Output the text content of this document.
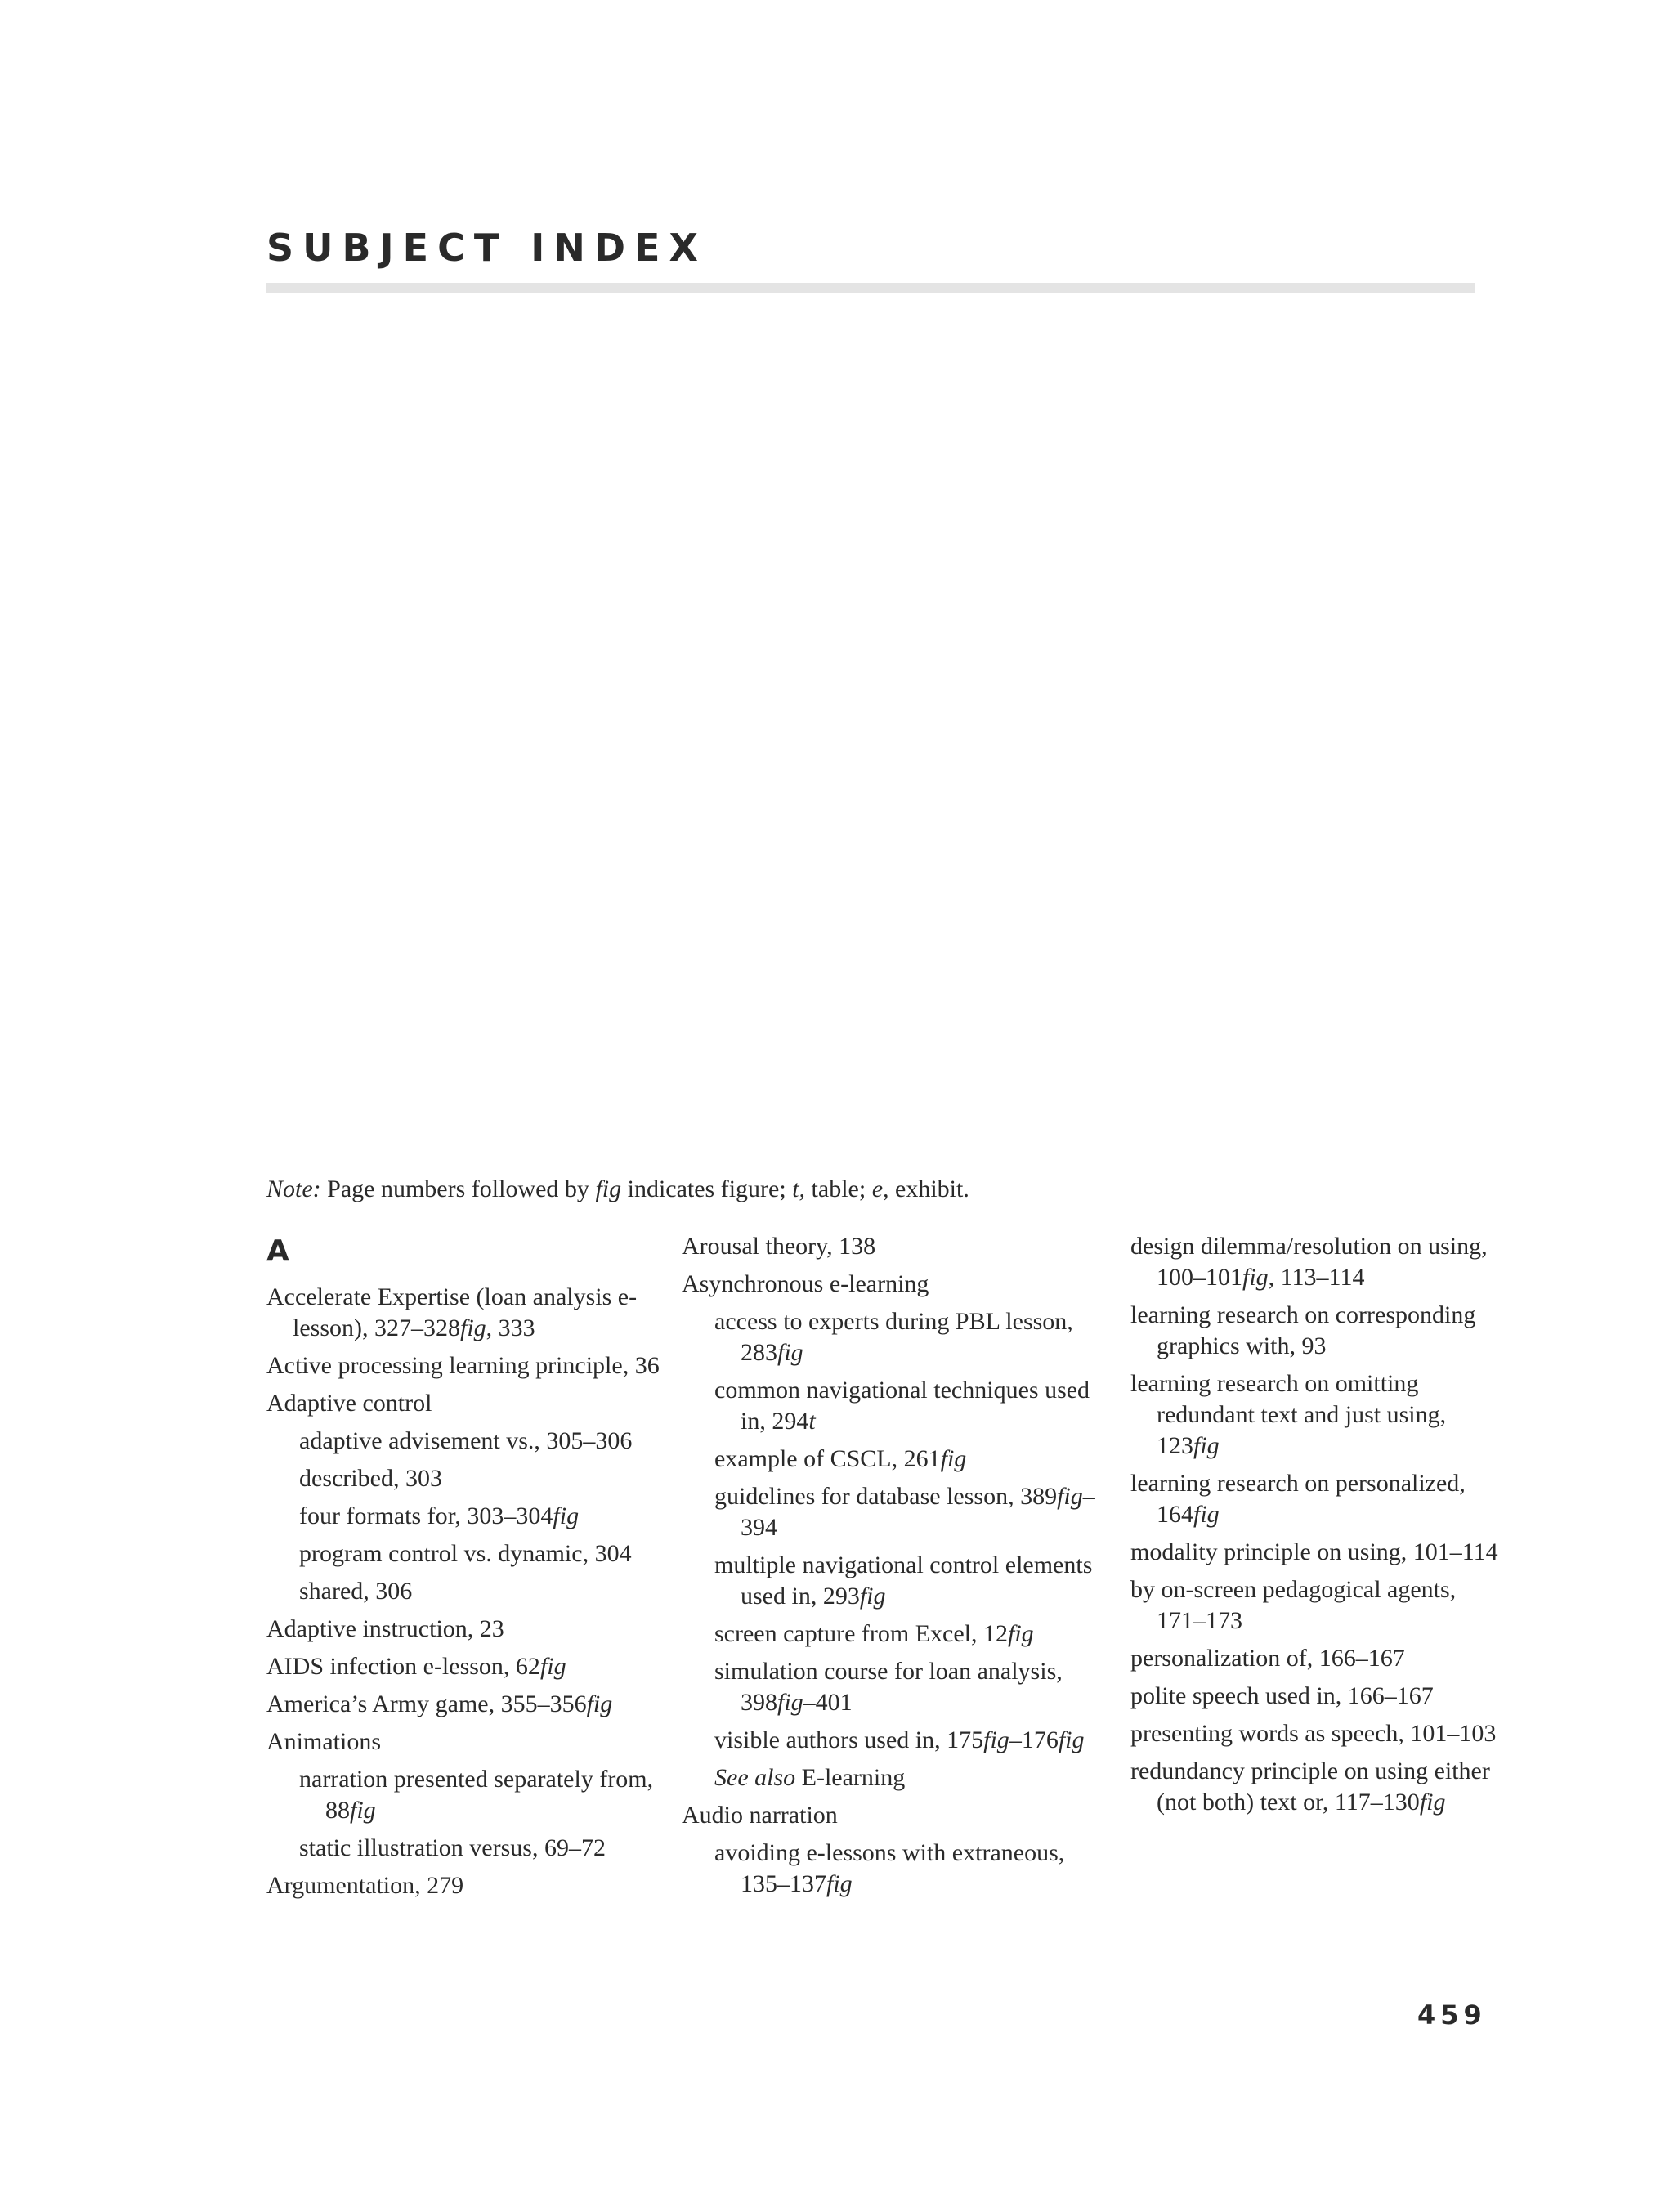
SUBJECT INDEX
Note: Page numbers followed by fig indicates figure; t, table; e, exhibit.
A
Accelerate Expertise (loan analysis e-lesson), 327–328fig, 333
Active processing learning principle, 36
Adaptive control
adaptive advisement vs., 305–306
described, 303
four formats for, 303–304fig
program control vs. dynamic, 304
shared, 306
Adaptive instruction, 23
AIDS infection e-lesson, 62fig
America’s Army game, 355–356fig
Animations
narration presented separately from, 88fig
static illustration versus, 69–72
Argumentation, 279
Arousal theory, 138
Asynchronous e-learning
access to experts during PBL lesson, 283fig
common navigational techniques used in, 294t
example of CSCL, 261fig
guidelines for database lesson, 389fig–394
multiple navigational control elements used in, 293fig
screen capture from Excel, 12fig
simulation course for loan analysis, 398fig–401
visible authors used in, 175fig–176fig
See also E-learning
Audio narration
avoiding e-lessons with extraneous, 135–137fig
design dilemma/resolution on using, 100–101fig, 113–114
learning research on corresponding graphics with, 93
learning research on omitting redundant text and just using, 123fig
learning research on personalized, 164fig
modality principle on using, 101–114
by on-screen pedagogical agents, 171–173
personalization of, 166–167
polite speech used in, 166–167
presenting words as speech, 101–103
redundancy principle on using either (not both) text or, 117–130fig
459
